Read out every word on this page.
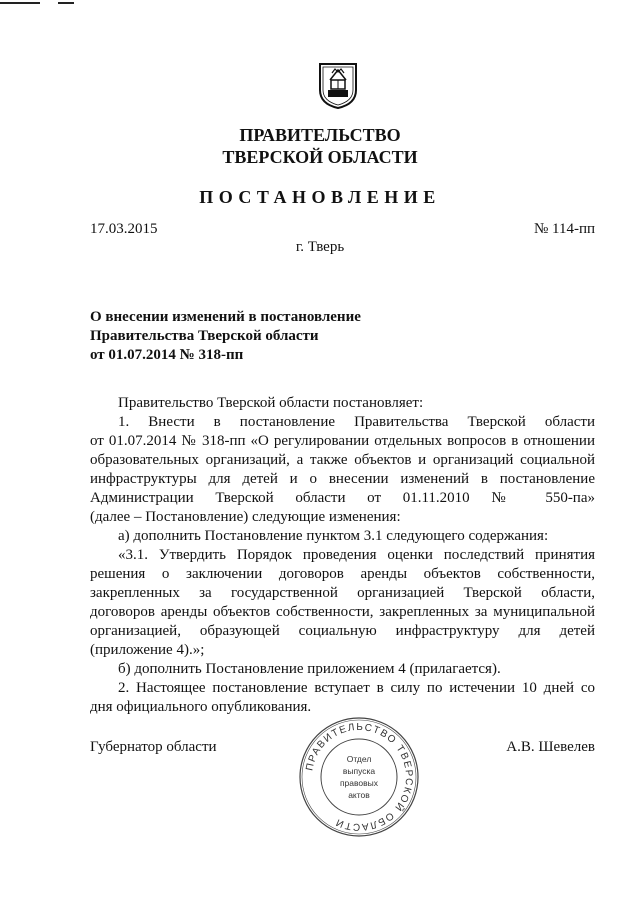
ПРАВИТЕЛЬСТВО
ТВЕРСКОЙ ОБЛАСТИ
ПОСТАНОВЛЕНИЕ
17.03.2015	№ 114-пп
г. Тверь
О внесении изменений в постановление
Правительства Тверской области
от 01.07.2014 № 318-пп
Правительство Тверской области постановляет:
1. Внести в постановление Правительства Тверской области
от 01.07.2014 № 318-пп «О регулировании отдельных вопросов в отношении
образовательных организаций, а также объектов и организаций социальной
инфраструктуры для детей и о внесении изменений в постановление
Администрации Тверской области от 01.11.2010 № 550-па»
(далее – Постановление) следующие изменения:
а) дополнить Постановление пунктом 3.1 следующего содержания:
«3.1. Утвердить Порядок проведения оценки последствий принятия
решения о заключении договоров аренды объектов собственности,
закрепленных за государственной организацией Тверской области,
договоров аренды объектов собственности, закрепленных за муниципальной
организацией, образующей социальную инфраструктуру для детей
(приложение 4).»;
б) дополнить Постановление приложением 4 (прилагается).
2. Настоящее постановление вступает в силу по истечении 10 дней со
дня официального опубликования.
Губернатор области	А.В. Шевелев
ПРАВИТЕЛЬСТВО ТВЕРСКОЙ ОБЛАСТИ
Отдел
выпуска
правовых
актов
